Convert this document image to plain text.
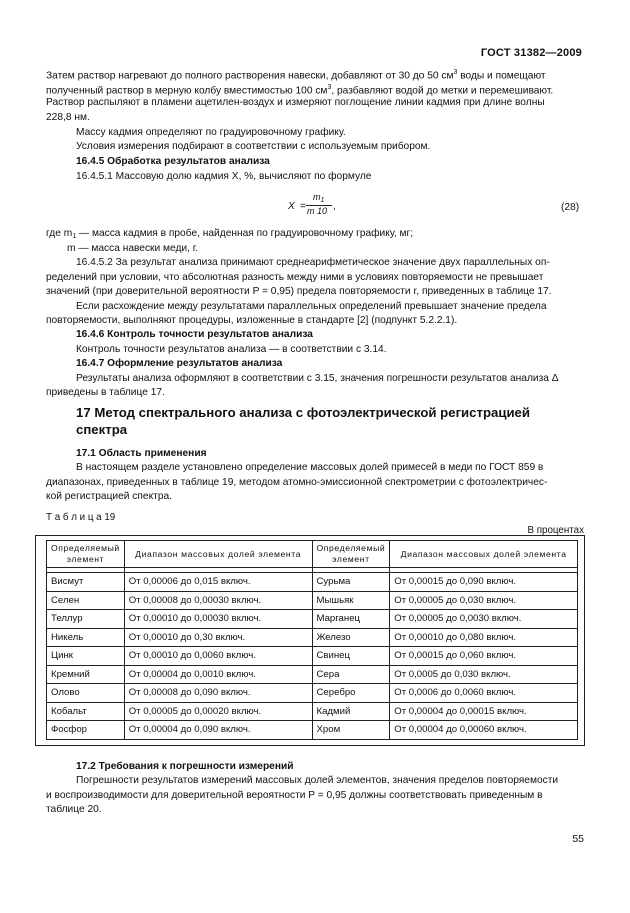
ГОСТ 31382—2009
Затем раствор нагревают до полного растворения навески, добавляют от 30 до 50 $см^3$ воды и помещают
полученный раствор в мерную колбу вместимостью 100 $см^3$, разбавляют водой до метки и перемешивают.
Раствор распыляют в пламени ацетилен-воздух и измеряют поглощение линии кадмия при длине волны
228,8 нм.
Массу кадмия определяют по градуировочному графику.
Условия измерения подбирают в соответствии с используемым прибором.
16.4.5 Обработка результатов анализа
16.4.5.1 Массовую долю кадмия X, %, вычисляют по формуле
X =
$m_1$
m 10 ,	(28)
где $m_1$ — масса кадмия в пробе, найденная по градуировочному графику, мг;
m — масса навески меди, г.
16.4.5.2 За результат анализа принимают среднеарифметическое значение двух параллельных оп-
ределений при условии, что абсолютная разность между ними в условиях повторяемости не превышает
значений (при доверительной вероятности P = 0,95) предела повторяемости r, приведенных в таблице 17.
Если расхождение между результатами параллельных определений превышает значение предела
повторяемости, выполняют процедуры, изложенные в стандарте [2] (подпункт 5.2.2.1).
16.4.6 Контроль точности результатов анализа
Контроль точности результатов анализа — в соответствии с 3.14.
16.4.7 Оформление результатов анализа
Результаты анализа оформляют в соответствии с 3.15, значения погрешности результатов анализа Δ
приведены в таблице 17.
17 Метод спектрального анализа с фотоэлектрической регистрацией
спектра
17.1 Область применения
В настоящем разделе установлено определение массовых долей примесей в меди по ГОСТ 859 в
диапазонах, приведенных в таблице 19, методом атомно-эмиссионной спектрометрии с фотоэлектричес-
кой регистрацией спектра.
Т а б л и ц а 19
В процентах
Определяемый элемент	Диапазон массовых долей элемента	Определяемый элемент	Диапазон массовых долей элемента

Висмут	От 0,00006 до 0,015 включ.	Сурьма	От 0,00015 до 0,090 включ.
Селен	От 0,00008 до 0,00030 включ.	Мышьяк	От 0,00005 до 0,030 включ.
Теллур	От 0,00010 до 0,00030 включ.	Марганец	От 0,00005 до 0,0030 включ.
Никель	От 0,00010 до 0,30 включ.	Железо	От 0,00010 до 0,080 включ.
Цинк	От 0,00010 до 0,0060 включ.	Свинец	От 0,00015 до 0,060 включ.
Кремний	От 0,00004 до 0,0010 включ.	Сера	От 0,0005 до 0,030 включ.
Олово	От 0,00008 до 0,090 включ.	Серебро	От 0,0006 до 0,0060 включ.
Кобальт	От 0,00005 до 0,00020 включ.	Кадмий	От 0,00004 до 0,00015 включ.
Фосфор	От 0,00004 до 0,090 включ.	Хром	От 0,00004 до 0,00060 включ.
17.2 Требования к погрешности измерений
Погрешности результатов измерений массовых долей элементов, значения пределов повторяемости
и воспроизводимости для доверительной вероятности P = 0,95 должны соответствовать приведенным в
таблице 20.
55
